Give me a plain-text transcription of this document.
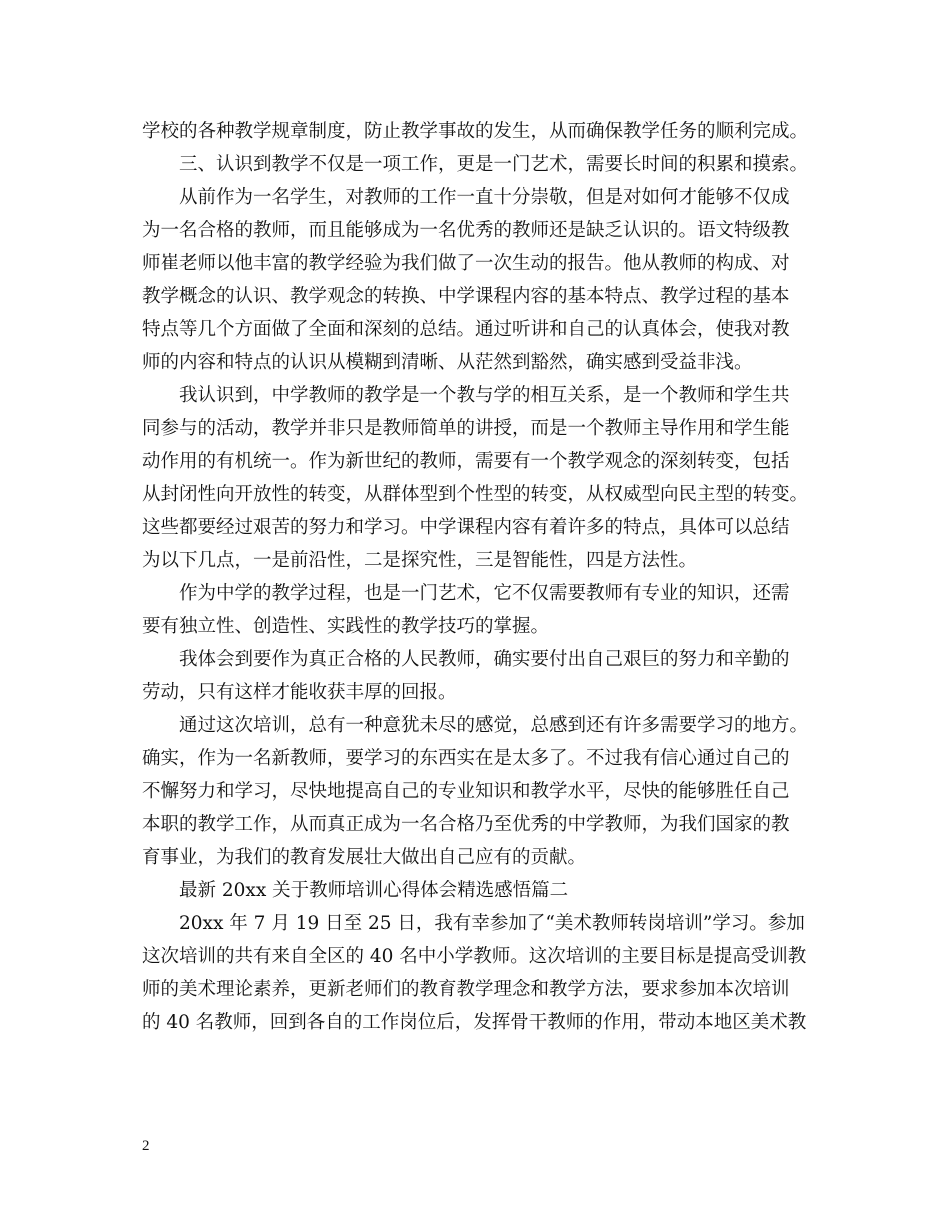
学校的各种教学规章制度，防止教学事故的发生，从而确保教学任务的顺利完成。
三、认识到教学不仅是一项工作，更是一门艺术，需要长时间的积累和摸索。
从前作为一名学生，对教师的工作一直十分崇敬，但是对如何才能够不仅成
为一名合格的教师，而且能够成为一名优秀的教师还是缺乏认识的。语文特级教
师崔老师以他丰富的教学经验为我们做了一次生动的报告。他从教师的构成、对
教学概念的认识、教学观念的转换、中学课程内容的基本特点、教学过程的基本
特点等几个方面做了全面和深刻的总结。通过听讲和自己的认真体会，使我对教
师的内容和特点的认识从模糊到清晰、从茫然到豁然，确实感到受益非浅。
我认识到，中学教师的教学是一个教与学的相互关系，是一个教师和学生共
同参与的活动，教学并非只是教师简单的讲授，而是一个教师主导作用和学生能
动作用的有机统一。作为新世纪的教师，需要有一个教学观念的深刻转变，包括
从封闭性向开放性的转变，从群体型到个性型的转变，从权威型向民主型的转变。
这些都要经过艰苦的努力和学习。中学课程内容有着许多的特点，具体可以总结
为以下几点，一是前沿性，二是探究性，三是智能性，四是方法性。
作为中学的教学过程，也是一门艺术，它不仅需要教师有专业的知识，还需
要有独立性、创造性、实践性的教学技巧的掌握。
我体会到要作为真正合格的人民教师，确实要付出自己艰巨的努力和辛勤的
劳动，只有这样才能收获丰厚的回报。
通过这次培训，总有一种意犹未尽的感觉，总感到还有许多需要学习的地方。
确实，作为一名新教师，要学习的东西实在是太多了。不过我有信心通过自己的
不懈努力和学习，尽快地提高自己的专业知识和教学水平，尽快的能够胜任自己
本职的教学工作，从而真正成为一名合格乃至优秀的中学教师，为我们国家的教
育事业，为我们的教育发展壮大做出自己应有的贡献。
最新 20xx 关于教师培训心得体会精选感悟篇二
20xx 年 7 月 19 日至 25 日，我有幸参加了“美术教师转岗培训”学习。参加
这次培训的共有来自全区的 40 名中小学教师。这次培训的主要目标是提高受训教
师的美术理论素养，更新老师们的教育教学理念和教学方法，要求参加本次培训
的 40 名教师，回到各自的工作岗位后，发挥骨干教师的作用，带动本地区美术教
2
